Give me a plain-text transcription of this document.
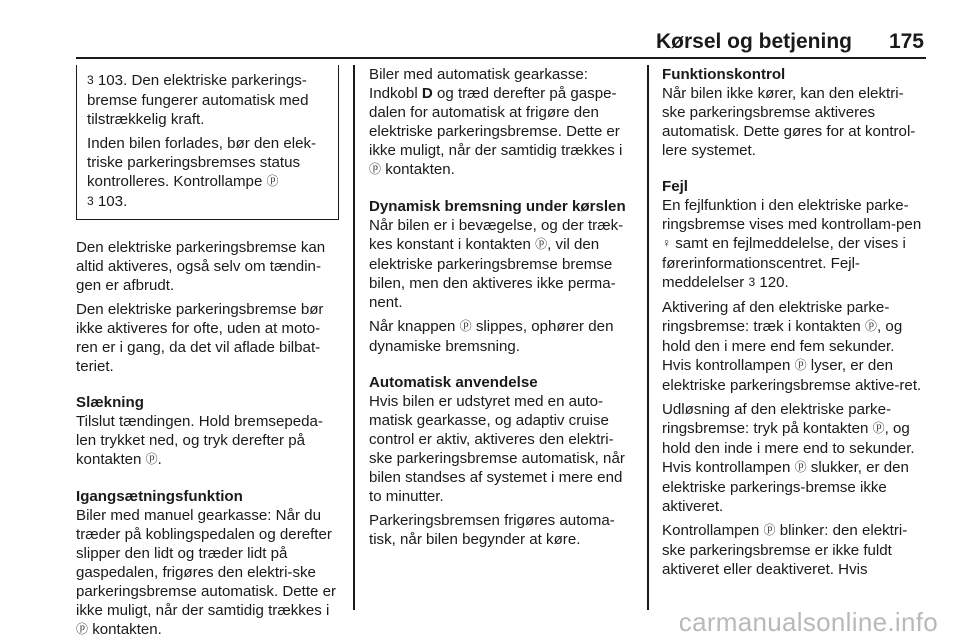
Kørsel og betjening 175

3 103. Den elektriske parkerings-bremse fungerer automatisk med tilstrækkelig kraft.

Inden bilen forlades, bør den elek-triske parkeringsbremses status kontrolleres. Kontrollampe ⓟ
3 103.

Den elektriske parkeringsbremse kan altid aktiveres, også selv om tændin-gen er afbrudt.

Den elektriske parkeringsbremse bør ikke aktiveres for ofte, uden at moto-ren er i gang, da det vil aflade bilbat-teriet.

Slækning

Tilslut tændingen. Hold bremsepeda-len trykket ned, og tryk derefter på kontakten ⓟ.

Igangsætningsfunktion

Biler med manuel gearkasse: Når du træder på koblingspedalen og derefter slipper den lidt og træder lidt på gaspedalen, frigøres den elektri-ske parkeringsbremse automatisk. Dette er ikke muligt, når der samtidig trækkes i ⓟ kontakten.

Biler med automatisk gearkasse:

Indkobl D og træd derefter på gaspe-dalen for automatisk at frigøre den elektriske parkeringsbremse. Dette er ikke muligt, når der samtidig trækkes i ⓟ kontakten.

Dynamisk bremsning under kørslen

Når bilen er i bevægelse, og der træk-kes konstant i kontakten ⓟ, vil den elektriske parkeringsbremse bremse bilen, men den aktiveres ikke perma-nent.

Når knappen ⓟ slippes, ophører den dynamiske bremsning.

Automatisk anvendelse

Hvis bilen er udstyret med en auto-matisk gearkasse, og adaptiv cruise control er aktiv, aktiveres den elektri-ske parkeringsbremse automatisk, når bilen standses af systemet i mere end to minutter.

Parkeringsbremsen frigøres automa-tisk, når bilen begynder at køre.

Funktionskontrol

Når bilen ikke kører, kan den elektri-ske parkeringsbremse aktiveres automatisk. Dette gøres for at kontrol-lere systemet.

Fejl

En fejlfunktion i den elektriske parke-ringsbremse vises med kontrollam-pen ♀ samt en fejlmeddelelse, der vises i førerinformationscentret. Fejl-meddelelser 3 120.

Aktivering af den elektriske parke-ringsbremse: træk i kontakten ⓟ, og hold den i mere end fem sekunder. Hvis kontrollampen ⓟ lyser, er den elektriske parkeringsbremse aktive-ret.

Udløsning af den elektriske parke-ringsbremse: tryk på kontakten ⓟ, og hold den inde i mere end to sekunder. Hvis kontrollampen ⓟ slukker, er den elektriske parkerings-bremse ikke aktiveret.

Kontrollampen ⓟ blinker: den elektri-ske parkeringsbremse er ikke fuldt aktiveret eller deaktiveret. Hvis

carmanualsonline.info
